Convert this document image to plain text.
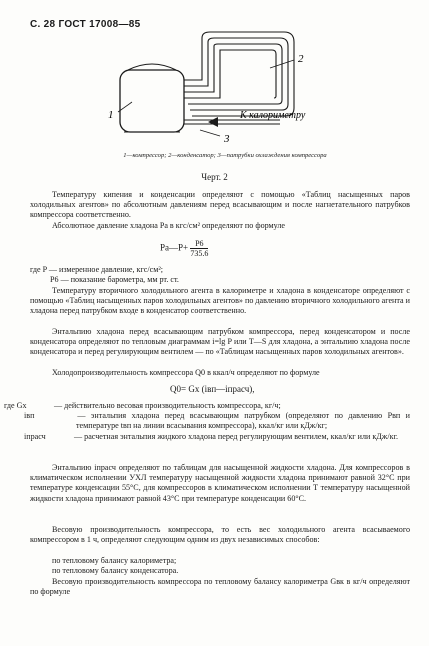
С. 28 ГОСТ 17008—85
1
2
3
К калориметру
1—компрессор; 2—конденсатор; 3—патрубки охлаждения компрессора
Черт. 2
Температуру кипения и конденсации определяют с помощью «Таблиц насыщенных паров холодильных агентов» по абсолютным давлениям перед всасывающим и после нагнетательного патрубков компрессора соответственно.
Абсолютное давление хладона Pa в кгс/см² определяют по формуле
Pa—P+ $\frac{P6}{735.6}$
где P — измеренное давление, кгс/см²;
P6 — показание барометра, мм рт. ст.
Температуру вторичного холодильного агента в калориметре и хладона в конденсаторе определяют с помощью «Таблиц насыщенных паров холодильных агентов» по давлению вторичного холодильного агента и хладона перед патрубком входе в конденсатор соответственно.
Энтальпию хладона перед всасывающим патрубком компрессора, перед конденсатором и после конденсатора определяют по тепловым диаграммам i=lg P или T—S для хладона, а энтальпию хладона после конденсатора и перед регулирующим вентилем — по «Таблицам насыщенных паров холодильных агентов».
Холодопроизводительность компрессора Q0 в ккал/ч определяют по формуле
Q0= Gx (iвп—iпрасч),
где Gx	— действительно весовая производительность компрессора, кг/ч;
iвп	— энтальпия хладона перед всасывающим патрубком (определяют по давлению Pвп и температуре tвп на линии всасывания компрессора), ккал/кг или кДж/кг;
iпрасч	— расчетная энтальпия жидкого хладона перед регулирующим вентилем, ккал/кг или кДж/кг.
Энтальпию iпрасч определяют по таблицам для насыщенной жидкости хладона. Для компрессоров в климатическом исполнении УХЛ температуру насыщенной жидкости хладона принимают равной 32°С при температуре конденсации 55°С, для компрессоров в климатическом исполнении Т температуру насыщенной жидкости хладона принимают равной 43°С при температуре конденсации 60°С.
Весовую производительность компрессора, то есть вес холодильного агента всасываемого компрессором в 1 ч, определяют следующим одним из двух независимых способов:
по тепловому балансу калориметра;
по тепловому балансу конденсатора.
Весовую производительность компрессора по тепловому балансу калориметра Gвк в кг/ч определяют по формуле
